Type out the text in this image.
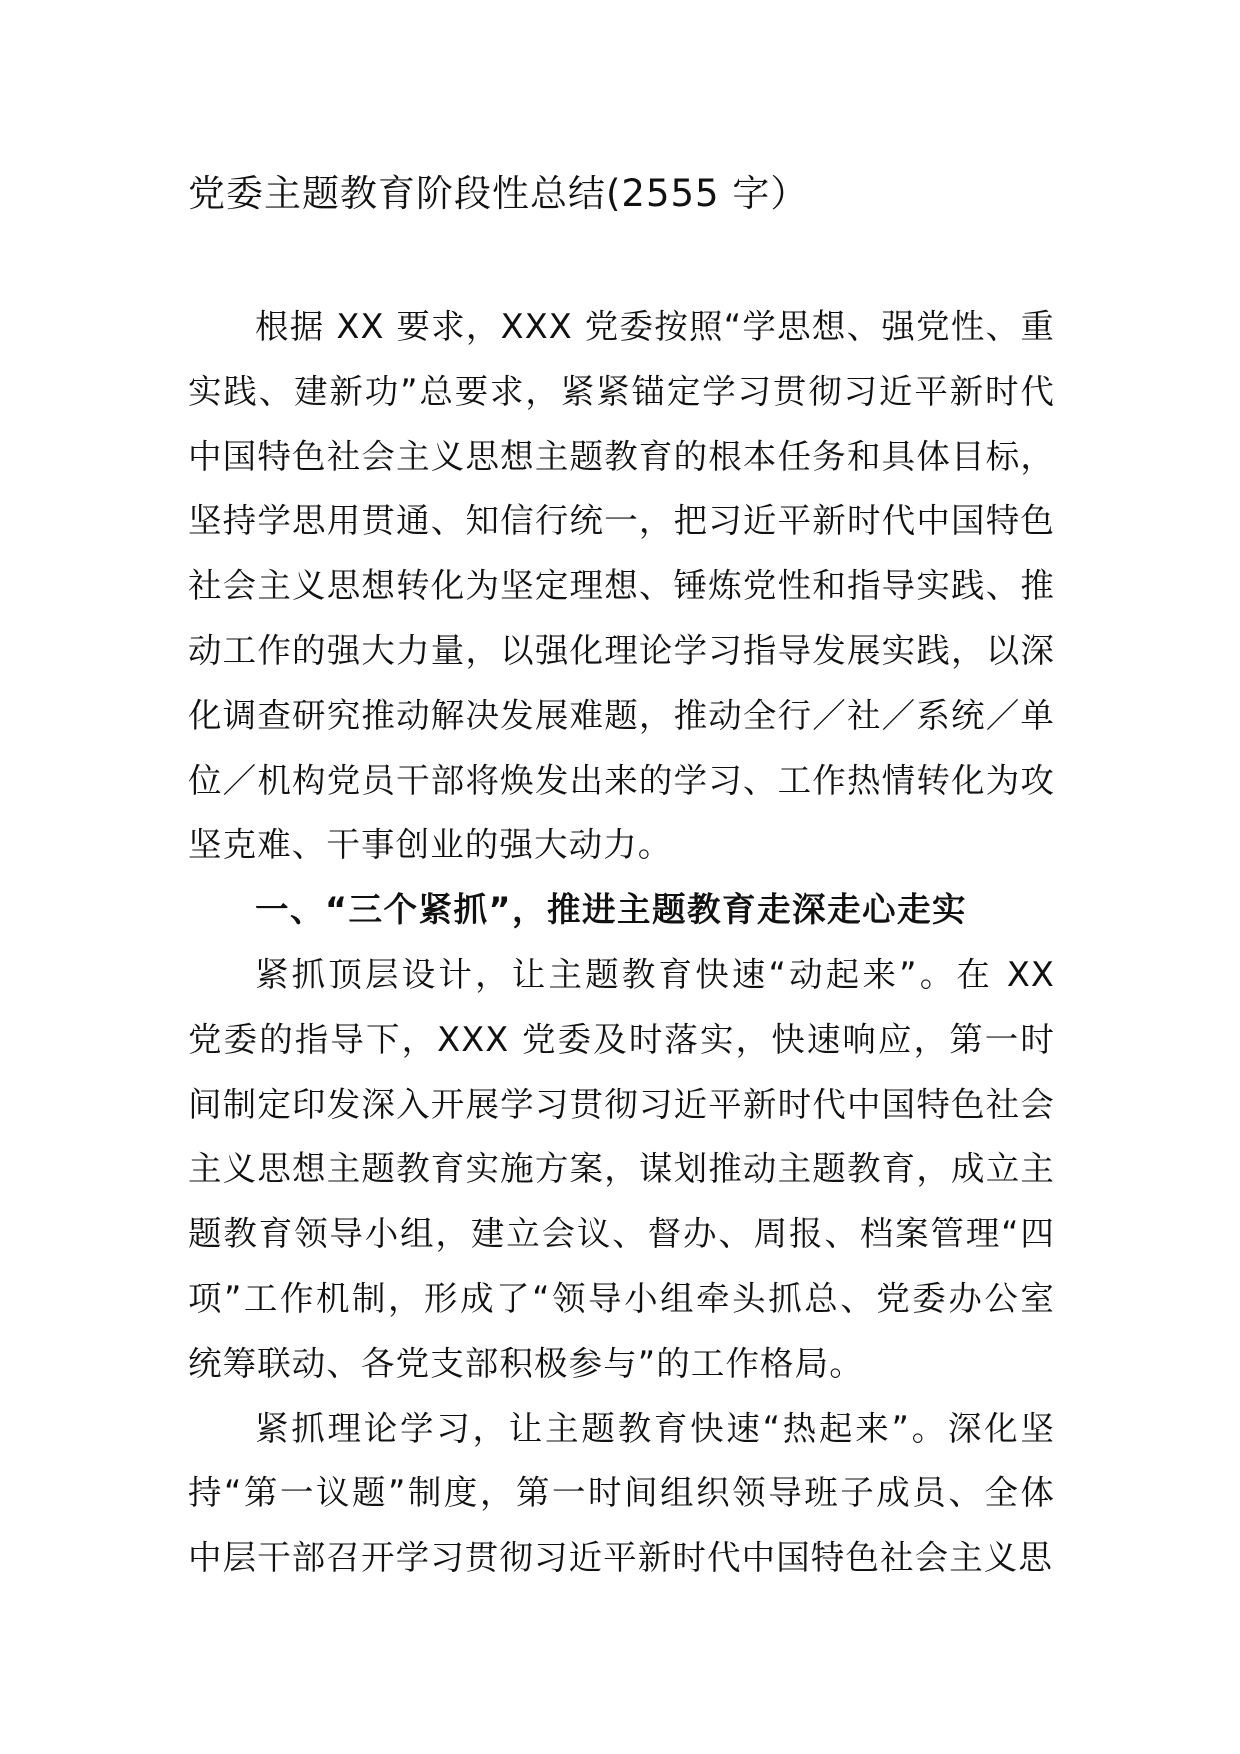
党委主题教育阶段性总结(2555 字）

根据 XX 要求，XXX 党委按照“学思想、强党性、重实践、建新功”总要求，紧紧锚定学习贯彻习近平新时代中国特色社会主义思想主题教育的根本任务和具体目标，坚持学思用贯通、知信行统一，把习近平新时代中国特色社会主义思想转化为坚定理想、锤炼党性和指导实践、推动工作的强大力量，以强化理论学习指导发展实践，以深化调查研究推动解决发展难题，推动全行／社／系统／单位／机构党员干部将焕发出来的学习、工作热情转化为攻坚克难、干事创业的强大动力。

一、“三个紧抓”，推进主题教育走深走心走实

紧抓顶层设计，让主题教育快速“动起来”。在 XX 党委的指导下，XXX 党委及时落实，快速响应，第一时间制定印发深入开展学习贯彻习近平新时代中国特色社会主义思想主题教育实施方案，谋划推动主题教育，成立主题教育领导小组，建立会议、督办、周报、档案管理“四项”工作机制，形成了“领导小组牵头抓总、党委办公室统筹联动、各党支部积极参与”的工作格局。

紧抓理论学习，让主题教育快速“热起来”。深化坚持“第一议题”制度，第一时间组织领导班子成员、全体中层干部召开学习贯彻习近平新时代中国特色社会主义思
